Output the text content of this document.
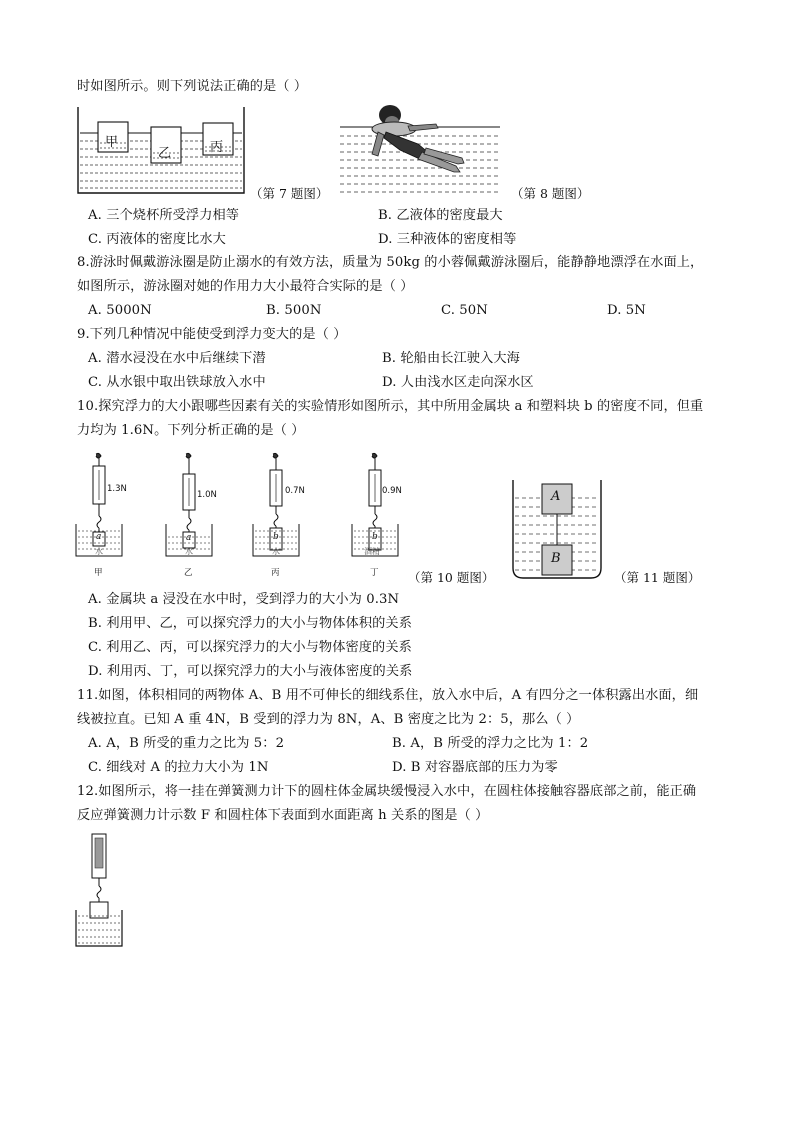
时如图所示。则下列说法正确的是（ ）
甲
乙	丙
（第 7 题图）	（第 8 题图）
A. 三个烧杯所受浮力相等	B. 乙液体的密度最大
C. 丙液体的密度比水大	D. 三种液体的密度相等
8.游泳时佩戴游泳圈是防止溺水的有效方法，质量为 50kg 的小蓉佩戴游泳圈后，能静静地漂浮在水面上，
如图所示，游泳圈对她的作用力大小最符合实际的是（ ）
A. 5000N	B. 500N	C. 50N	D. 5N
9.下列几种情况中能使受到浮力变大的是（ ）
A. 潜水浸没在水中后继续下潜	B. 轮船由长江驶入大海
C. 从水银中取出铁球放入水中	D. 人由浅水区走向深水区
10.探究浮力的大小跟哪些因素有关的实验情形如图所示，其中所用金属块 a 和塑料块 b 的密度不同，但重
力均为 1.6N。下列分析正确的是（ ）
1.3N
1.0N	0.7N	0.9N
a	a	b	b
水	水	水	酒精
甲	乙	丙	丁 （第 10 题图）
A
B
（第 11 题图）
A. 金属块 a 浸没在水中时，受到浮力的大小为 0.3N
B. 利用甲、乙，可以探究浮力的大小与物体体积的关系
C. 利用乙、丙，可以探究浮力的大小与物体密度的关系
D. 利用丙、丁，可以探究浮力的大小与液体密度的关系
11.如图，体积相同的两物体 A、B 用不可伸长的细线系住，放入水中后，A 有四分之一体积露出水面，细
线被拉直。已知 A 重 4N，B 受到的浮力为 8N，A、B 密度之比为 2：5，那么（ ）
A. A，B 所受的重力之比为 5：2	B. A，B 所受的浮力之比为 1：2
C. 细线对 A 的拉力大小为 1N	D. B 对容器底部的压力为零
12.如图所示，将一挂在弹簧测力计下的圆柱体金属块缓慢浸入水中，在圆柱体接触容器底部之前，能正确
反应弹簧测力计示数 F 和圆柱体下表面到水面距离 h 关系的图是（ ）
